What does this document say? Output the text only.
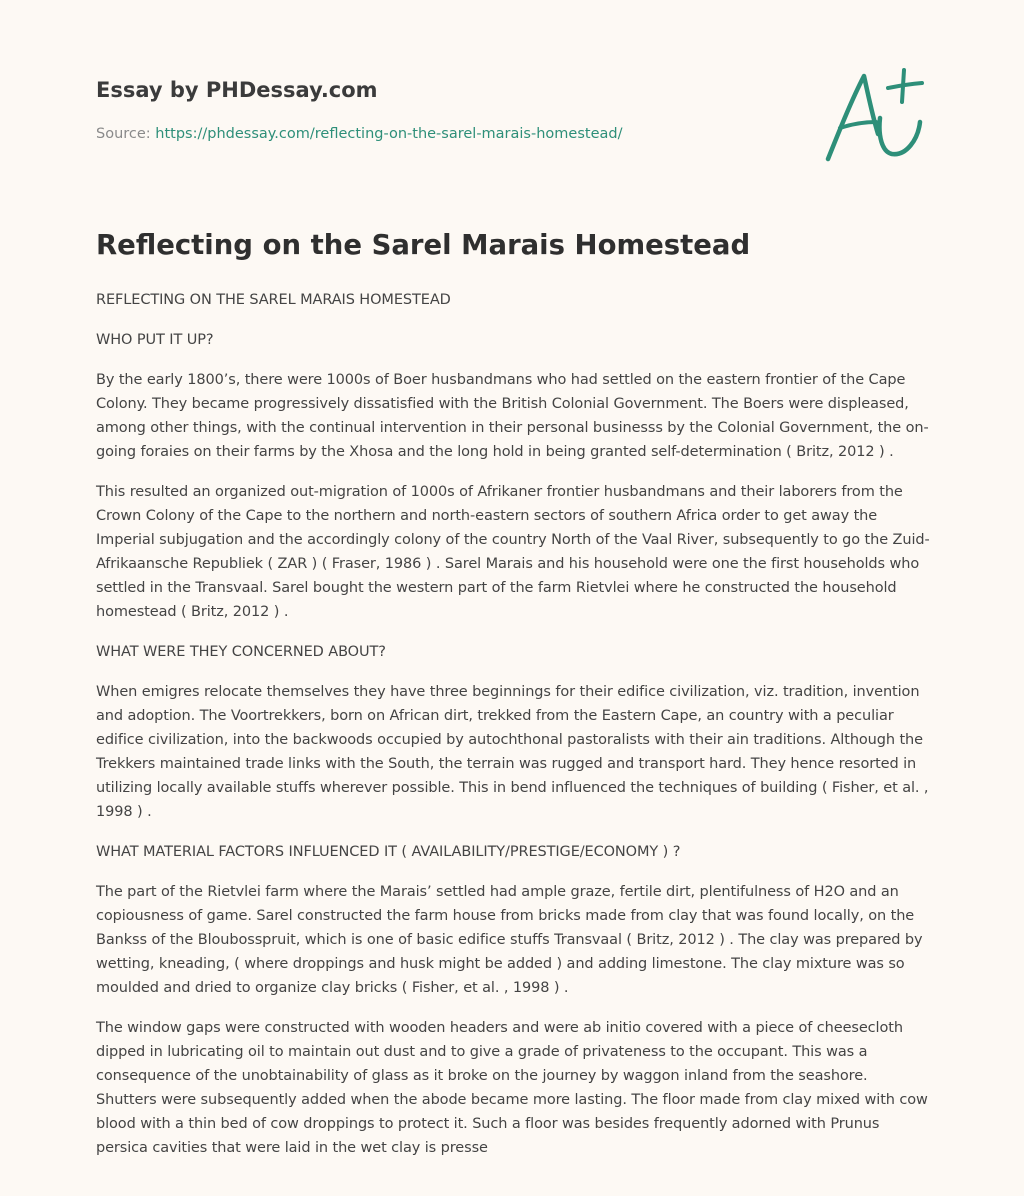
Essay by PHDessay.com
Source: https://phdessay.com/reflecting-on-the-sarel-marais-homestead/
Reflecting on the Sarel Marais Homestead

REFLECTING ON THE SAREL MARAIS HOMESTEAD

WHO PUT IT UP?

By the early 1800’s, there were 1000s of Boer husbandmans who had settled on the eastern frontier of the Cape Colony. They became progressively dissatisfied with the British Colonial Government. The Boers were displeased, among other things, with the continual intervention in their personal businesss by the Colonial Government, the on-going foraies on their farms by the Xhosa and the long hold in being granted self-determination ( Britz, 2012 ) .

This resulted an organized out-migration of 1000s of Afrikaner frontier husbandmans and their laborers from the Crown Colony of the Cape to the northern and north-eastern sectors of southern Africa order to get away the Imperial subjugation and the accordingly colony of the country North of the Vaal River, subsequently to go the Zuid-Afrikaansche Republiek ( ZAR ) ( Fraser, 1986 ) . Sarel Marais and his household were one the first households who settled in the Transvaal. Sarel bought the western part of the farm Rietvlei where he constructed the household homestead ( Britz, 2012 ) .

WHAT WERE THEY CONCERNED ABOUT?

When emigres relocate themselves they have three beginnings for their edifice civilization, viz. tradition, invention and adoption. The Voortrekkers, born on African dirt, trekked from the Eastern Cape, an country with a peculiar edifice civilization, into the backwoods occupied by autochthonal pastoralists with their ain traditions. Although the Trekkers maintained trade links with the South, the terrain was rugged and transport hard. They hence resorted in utilizing locally available stuffs wherever possible. This in bend influenced the techniques of building ( Fisher, et al. , 1998 ) .

WHAT MATERIAL FACTORS INFLUENCED IT ( AVAILABILITY/PRESTIGE/ECONOMY ) ?

The part of the Rietvlei farm where the Marais’ settled had ample graze, fertile dirt, plentifulness of H2O and an copiousness of game. Sarel constructed the farm house from bricks made from clay that was found locally, on the Bankss of the Bloubosspruit, which is one of basic edifice stuffs Transvaal ( Britz, 2012 ) . The clay was prepared by wetting, kneading, ( where droppings and husk might be added ) and adding limestone. The clay mixture was so moulded and dried to organize clay bricks ( Fisher, et al. , 1998 ) .

The window gaps were constructed with wooden headers and were ab initio covered with a piece of cheesecloth dipped in lubricating oil to maintain out dust and to give a grade of privateness to the occupant. This was a consequence of the unobtainability of glass as it broke on the journey by waggon inland from the seashore. Shutters were subsequently added when the abode became more lasting. The floor made from clay mixed with cow blood with a thin bed of cow droppings to protect it. Such a floor was besides frequently adorned with Prunus persica cavities that were laid in the wet clay is presse
